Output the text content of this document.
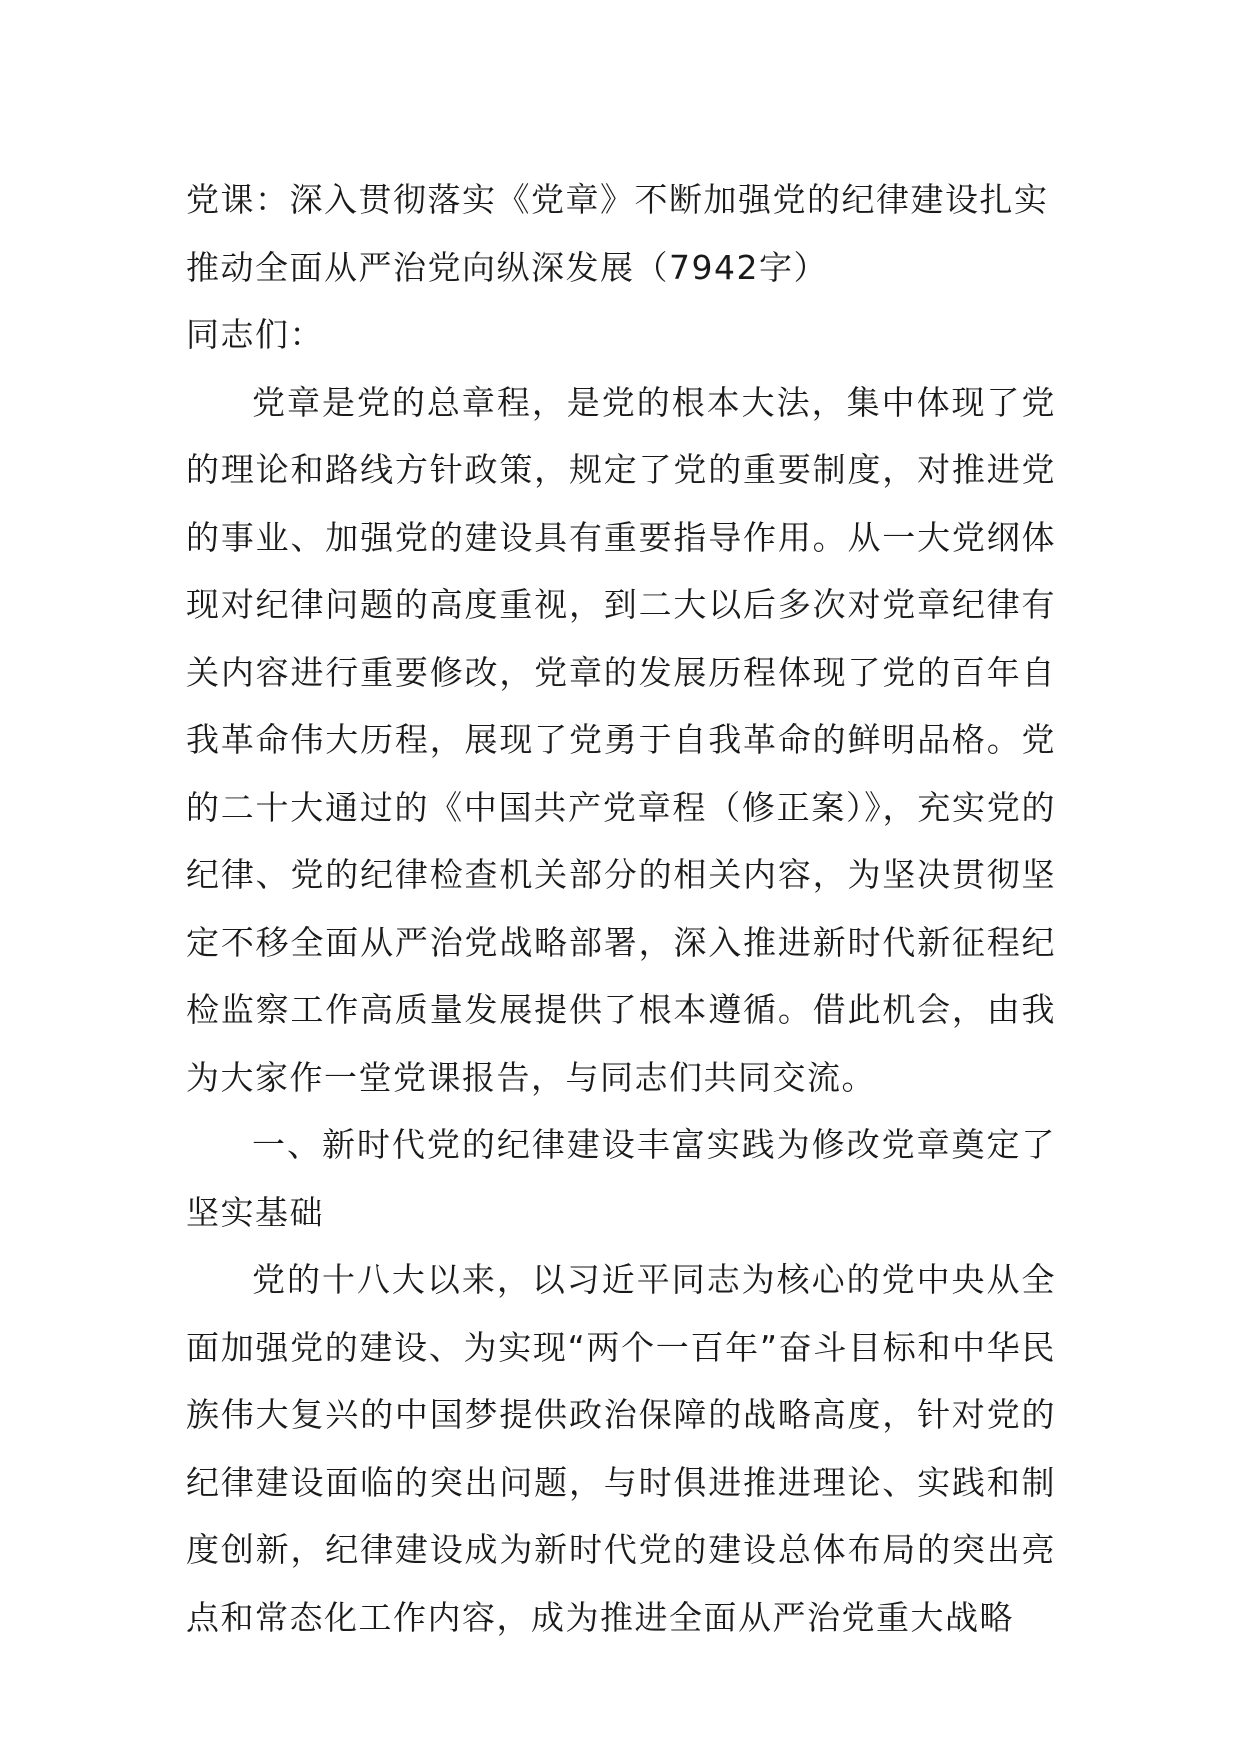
党课：深入贯彻落实《党章》不断加强党的纪律建设扎实推动全面从严治党向纵深发展（7942字）

同志们：

党章是党的总章程，是党的根本大法，集中体现了党的理论和路线方针政策，规定了党的重要制度，对推进党的事业、加强党的建设具有重要指导作用。从一大党纲体现对纪律问题的高度重视，到二大以后多次对党章纪律有关内容进行重要修改，党章的发展历程体现了党的百年自我革命伟大历程，展现了党勇于自我革命的鲜明品格。党的二十大通过的《中国共产党章程（修正案）》，充实党的纪律、党的纪律检查机关部分的相关内容，为坚决贯彻坚定不移全面从严治党战略部署，深入推进新时代新征程纪检监察工作高质量发展提供了根本遵循。借此机会，由我为大家作一堂党课报告，与同志们共同交流。

一、新时代党的纪律建设丰富实践为修改党章奠定了坚实基础

党的十八大以来，以习近平同志为核心的党中央从全面加强党的建设、为实现“两个一百年”奋斗目标和中华民族伟大复兴的中国梦提供政治保障的战略高度，针对党的纪律建设面临的突出问题，与时俱进推进理论、实践和制度创新，纪律建设成为新时代党的建设总体布局的突出亮点和常态化工作内容，成为推进全面从严治党重大战略
